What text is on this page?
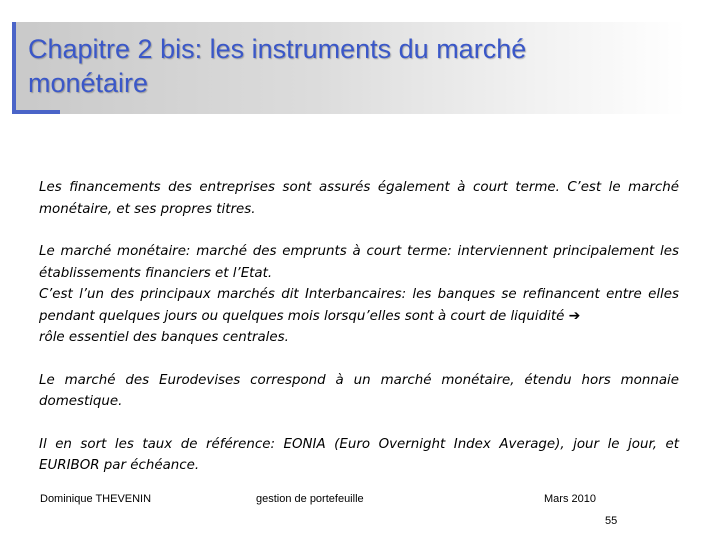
Chapitre 2 bis: les instruments du marché
monétaire

Les financements des entreprises sont assurés également à court terme. C’est le marché monétaire, et ses propres titres.

Le marché monétaire: marché des emprunts à court terme: interviennent principalement les établissements financiers et l’Etat.

C’est l’un des principaux marchés dit Interbancaires: les banques se refinancent entre elles pendant quelques jours ou quelques mois lorsqu’elles sont à court de liquidité ➔
rôle essentiel des banques centrales.

Le marché des Eurodevises correspond à un marché monétaire, étendu hors monnaie domestique.

Il en sort les taux de référence: EONIA (Euro Overnight Index Average), jour le jour, et EURIBOR par échéance.

Dominique THEVENIN	gestion de portefeuille	Mars 2010
55
